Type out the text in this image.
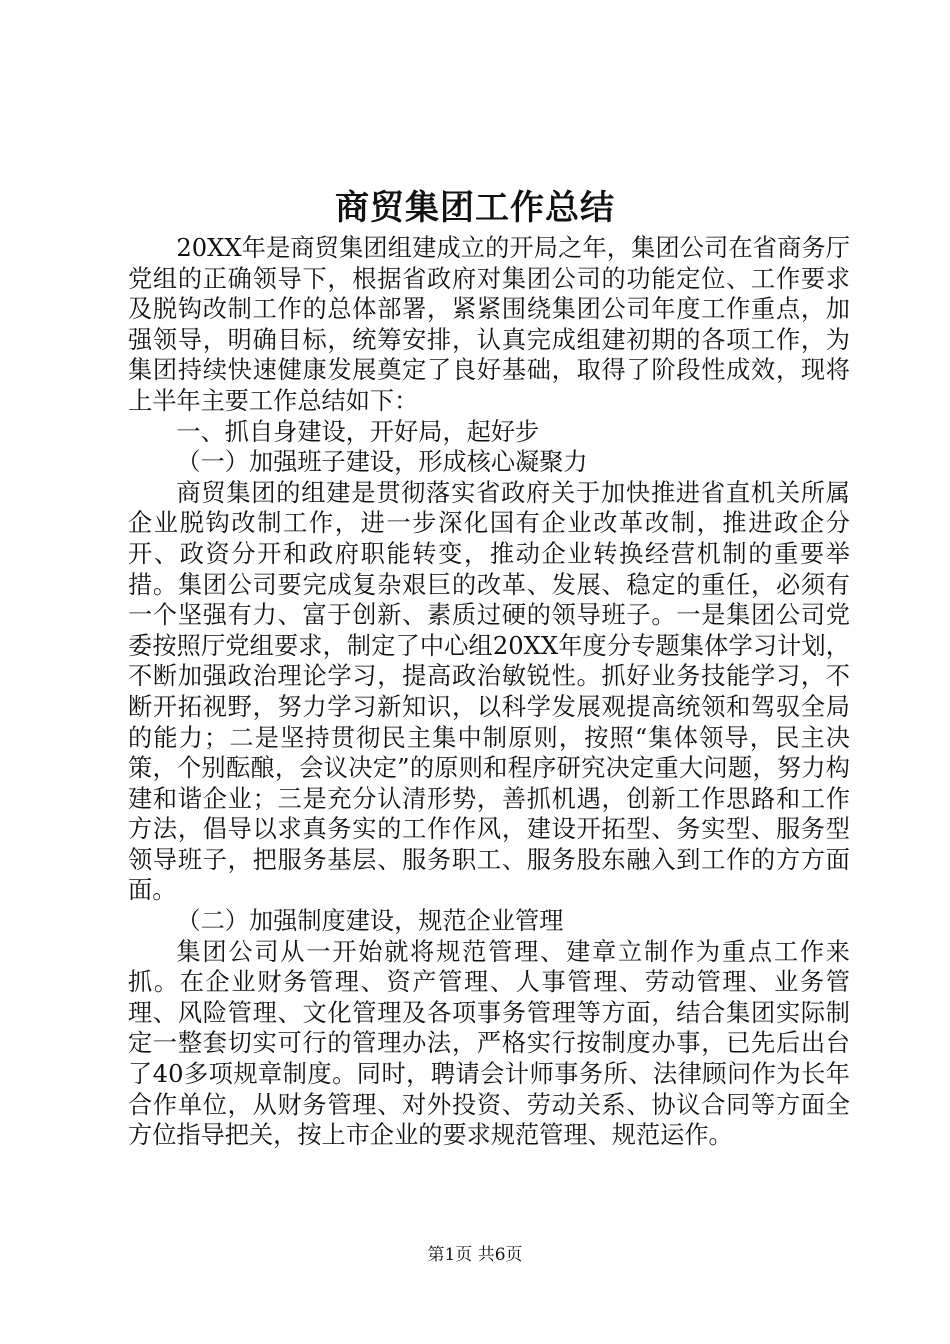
商贸集团工作总结

20XX年是商贸集团组建成立的开局之年，集团公司在省商务厅党组的正确领导下，根据省政府对集团公司的功能定位、工作要求及脱钩改制工作的总体部署，紧紧围绕集团公司年度工作重点，加强领导，明确目标，统筹安排，认真完成组建初期的各项工作，为集团持续快速健康发展奠定了良好基础，取得了阶段性成效，现将上半年主要工作总结如下：

一、抓自身建设，开好局，起好步

（一）加强班子建设，形成核心凝聚力

商贸集团的组建是贯彻落实省政府关于加快推进省直机关所属企业脱钩改制工作，进一步深化国有企业改革改制，推进政企分开、政资分开和政府职能转变，推动企业转换经营机制的重要举措。集团公司要完成复杂艰巨的改革、发展、稳定的重任，必须有一个坚强有力、富于创新、素质过硬的领导班子。一是集团公司党委按照厅党组要求，制定了中心组20XX年度分专题集体学习计划，不断加强政治理论学习，提高政治敏锐性。抓好业务技能学习，不断开拓视野，努力学习新知识，以科学发展观提高统领和驾驭全局的能力；二是坚持贯彻民主集中制原则，按照“集体领导，民主决策，个别酝酿，会议决定”的原则和程序研究决定重大问题，努力构建和谐企业；三是充分认清形势，善抓机遇，创新工作思路和工作方法，倡导以求真务实的工作作风，建设开拓型、务实型、服务型领导班子，把服务基层、服务职工、服务股东融入到工作的方方面面。

（二）加强制度建设，规范企业管理

集团公司从一开始就将规范管理、建章立制作为重点工作来抓。在企业财务管理、资产管理、人事管理、劳动管理、业务管理、风险管理、文化管理及各项事务管理等方面，结合集团实际制定一整套切实可行的管理办法，严格实行按制度办事，已先后出台了40多项规章制度。同时，聘请会计师事务所、法律顾问作为长年合作单位，从财务管理、对外投资、劳动关系、协议合同等方面全方位指导把关，按上市企业的要求规范管理、规范运作。

第1页 共6页
